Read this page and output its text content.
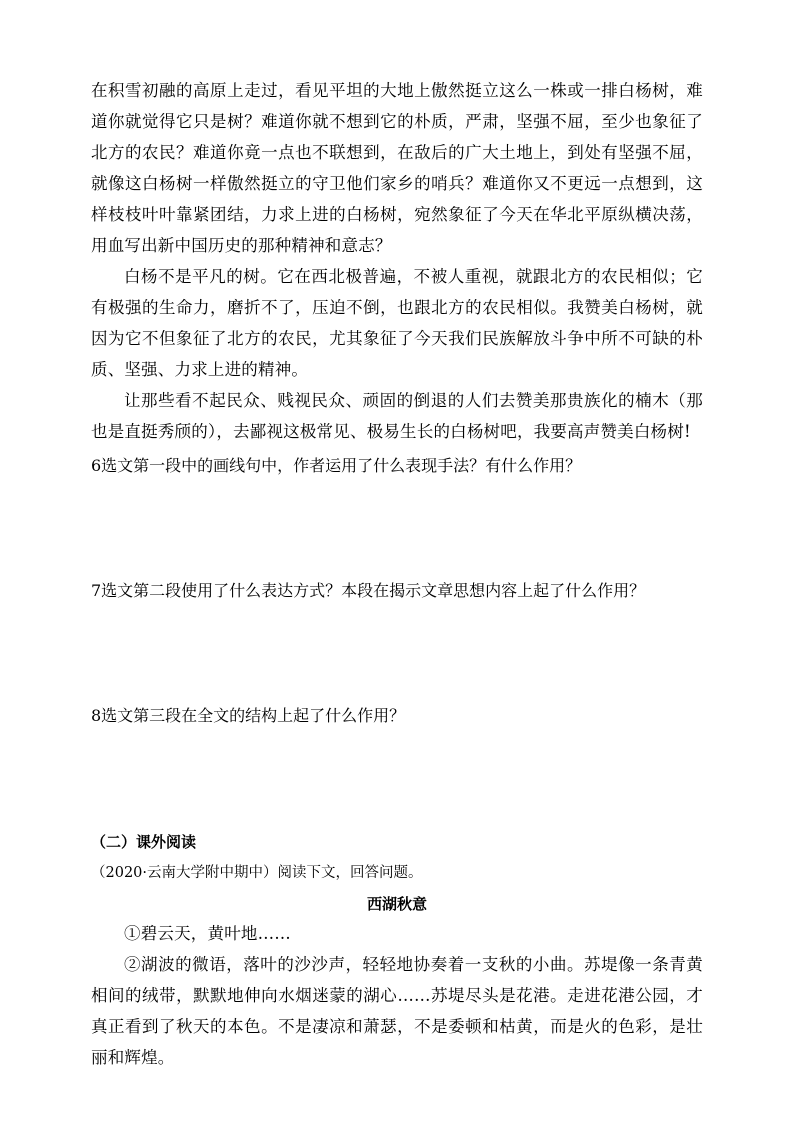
在积雪初融的高原上走过，看见平坦的大地上傲然挺立这么一株或一排白杨树，难道你就觉得它只是树？难道你就不想到它的朴质，严肃，坚强不屈，至少也象征了北方的农民？难道你竟一点也不联想到，在敌后的广大土地上，到处有坚强不屈，就像这白杨树一样傲然挺立的守卫他们家乡的哨兵？难道你又不更远一点想到，这样枝枝叶叶靠紧团结，力求上进的白杨树，宛然象征了今天在华北平原纵横决荡，用血写出新中国历史的那种精神和意志？

白杨不是平凡的树。它在西北极普遍，不被人重视，就跟北方的农民相似；它有极强的生命力，磨折不了，压迫不倒，也跟北方的农民相似。我赞美白杨树，就因为它不但象征了北方的农民，尤其象征了今天我们民族解放斗争中所不可缺的朴质、坚强、力求上进的精神。

让那些看不起民众、贱视民众、顽固的倒退的人们去赞美那贵族化的楠木（那也是直挺秀颀的），去鄙视这极常见、极易生长的白杨树吧，我要高声赞美白杨树!

6选文第一段中的画线句中，作者运用了什么表现手法？有什么作用？

7选文第二段使用了什么表达方式？本段在揭示文章思想内容上起了什么作用？

8选文第三段在全文的结构上起了什么作用？

（二）课外阅读

（2020·云南大学附中期中）阅读下文，回答问题。

西湖秋意

①碧云天，黄叶地……

②湖波的微语，落叶的沙沙声，轻轻地协奏着一支秋的小曲。苏堤像一条青黄相间的绒带，默默地伸向水烟迷蒙的湖心……苏堤尽头是花港。走进花港公园，才真正看到了秋天的本色。不是凄凉和萧瑟，不是委顿和枯黄，而是火的色彩，是壮丽和辉煌。
